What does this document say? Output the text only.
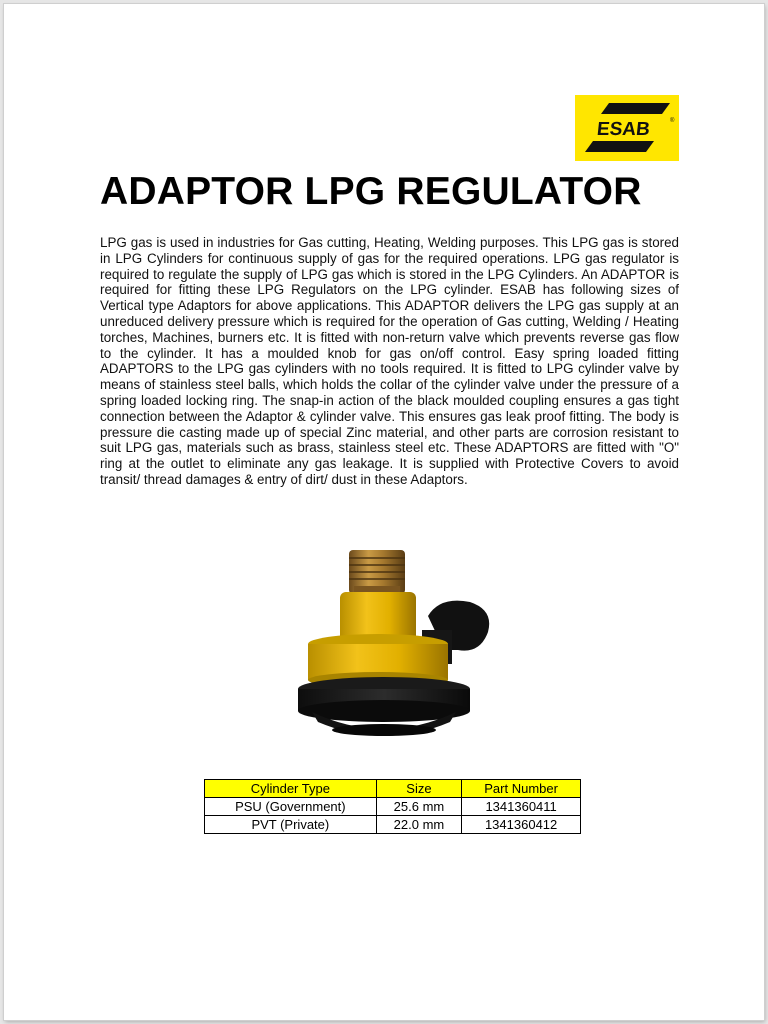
ESAB	®
ADAPTOR LPG REGULATOR

LPG gas is used in industries for Gas cutting, Heating, Welding purposes. This LPG gas is stored in LPG Cylinders for continuous supply of gas for the required operations. LPG gas regulator is required to regulate the supply of LPG gas which is stored in the LPG Cylinders. An ADAPTOR is required for fitting these LPG Regulators on the LPG cylinder. ESAB has following sizes of Vertical type Adaptors for above applications. This ADAPTOR delivers the LPG gas supply at an unreduced delivery pressure which is required for the operation of Gas cutting, Welding / Heating torches, Machines, burners etc. It is fitted with non-return valve which prevents reverse gas flow to the cylinder. It has a moulded knob for gas on/off control. Easy spring loaded fitting ADAPTORS to the LPG gas cylinders with no tools required. It is fitted to LPG cylinder valve by means of stainless steel balls, which holds the collar of the cylinder valve under the pressure of a spring loaded locking ring. The snap-in action of the black moulded coupling ensures a gas tight connection between the Adaptor & cylinder valve. This ensures gas leak proof fitting. The body is pressure die casting made up of special Zinc material, and other parts are corrosion resistant to suit LPG gas, materials such as brass, stainless steel etc. These ADAPTORS are fitted with "O" ring at the outlet to eliminate any gas leakage. It is supplied with Protective Covers to avoid transit/ thread damages & entry of dirt/ dust in these Adaptors.

Cylinder Type	Size	Part Number
PSU (Government)	25.6 mm	1341360411
PVT (Private)	22.0 mm	1341360412
